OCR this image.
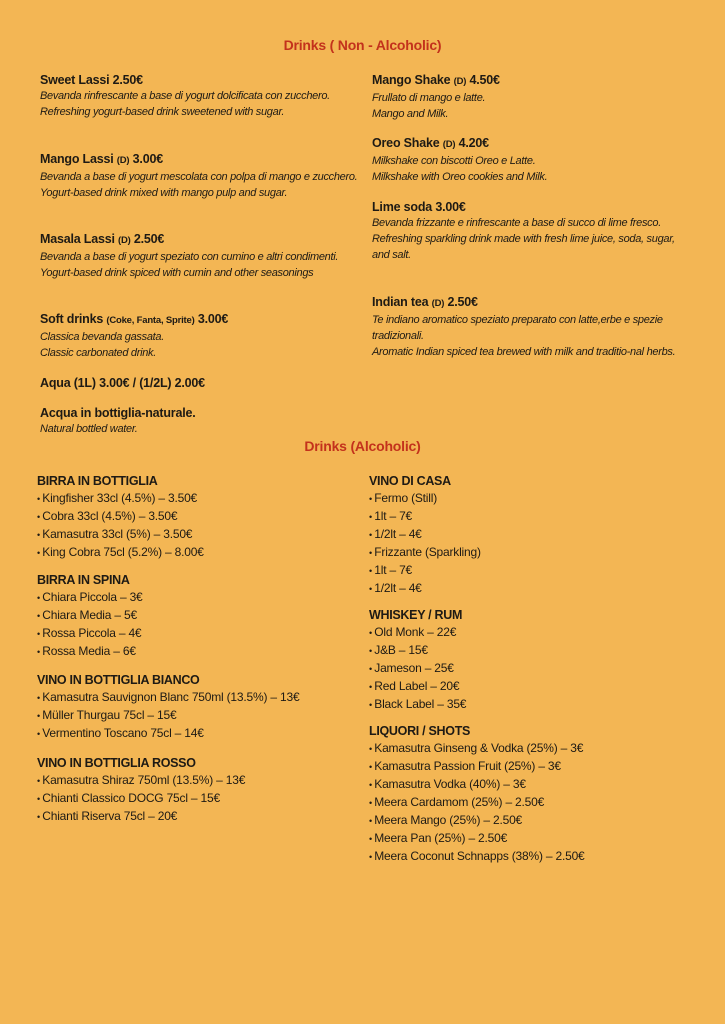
Drinks ( Non - Alcoholic)
Drinks (Alcoholic)
Sweet Lassi 2.50€
Bevanda rinfrescante a base di yogurt dolcificata con zucchero.
Refreshing yogurt-based drink sweetened with sugar.
Mango Lassi (D) 3.00€
Bevanda a base di yogurt mescolata con polpa di mango e zucchero.
Yogurt-based drink mixed with mango pulp and sugar.
Masala Lassi (D) 2.50€
Bevanda a base di yogurt speziato con cumino e altri condimenti.
Yogurt-based drink spiced with cumin and other seasonings
Soft drinks (Coke, Fanta, Sprite) 3.00€
Classica bevanda gassata.
Classic carbonated drink.
Aqua (1L) 3.00€ / (1/2L) 2.00€
Acqua in bottiglia-naturale.
Natural bottled water.
Mango Shake (D) 4.50€
Frullato di mango e latte.
Mango and Milk.
Oreo Shake (D) 4.20€
Milkshake con biscotti Oreo e Latte.
Milkshake with Oreo cookies and Milk.
Lime soda 3.00€
Bevanda frizzante e rinfrescante a base di succo di lime fresco.
Refreshing sparkling drink made with fresh lime juice, soda, sugar, and salt.
Indian tea (D) 2.50€
Te indiano aromatico speziato preparato con latte,erbe e spezie tradizionali.
Aromatic Indian spiced tea brewed with milk and traditio-nal herbs.
BIRRA IN BOTTIGLIA
• Kingfisher 33cl (4.5%) – 3.50€
• Cobra 33cl (4.5%) – 3.50€
• Kamasutra 33cl (5%) – 3.50€
• King Cobra 75cl (5.2%) – 8.00€
BIRRA IN SPINA
• Chiara Piccola – 3€
• Chiara Media – 5€
• Rossa Piccola – 4€
• Rossa Media – 6€
VINO IN BOTTIGLIA BIANCO
• Kamasutra Sauvignon Blanc 750ml (13.5%) – 13€
• Müller Thurgau 75cl – 15€
• Vermentino Toscano 75cl – 14€
VINO IN BOTTIGLIA ROSSO
• Kamasutra Shiraz 750ml (13.5%) – 13€
• Chianti Classico DOCG 75cl – 15€
• Chianti Riserva 75cl – 20€
VINO DI CASA
• Fermo (Still)
• 1lt – 7€
• 1/2lt – 4€
• Frizzante (Sparkling)
• 1lt – 7€
• 1/2lt – 4€
WHISKEY / RUM
• Old Monk – 22€
• J&B – 15€
• Jameson – 25€
• Red Label – 20€
• Black Label – 35€
LIQUORI / SHOTS
• Kamasutra Ginseng & Vodka (25%) – 3€
• Kamasutra Passion Fruit (25%) – 3€
• Kamasutra Vodka (40%) – 3€
• Meera Cardamom (25%) – 2.50€
• Meera Mango (25%) – 2.50€
• Meera Pan (25%) – 2.50€
• Meera Coconut Schnapps (38%) – 2.50€
